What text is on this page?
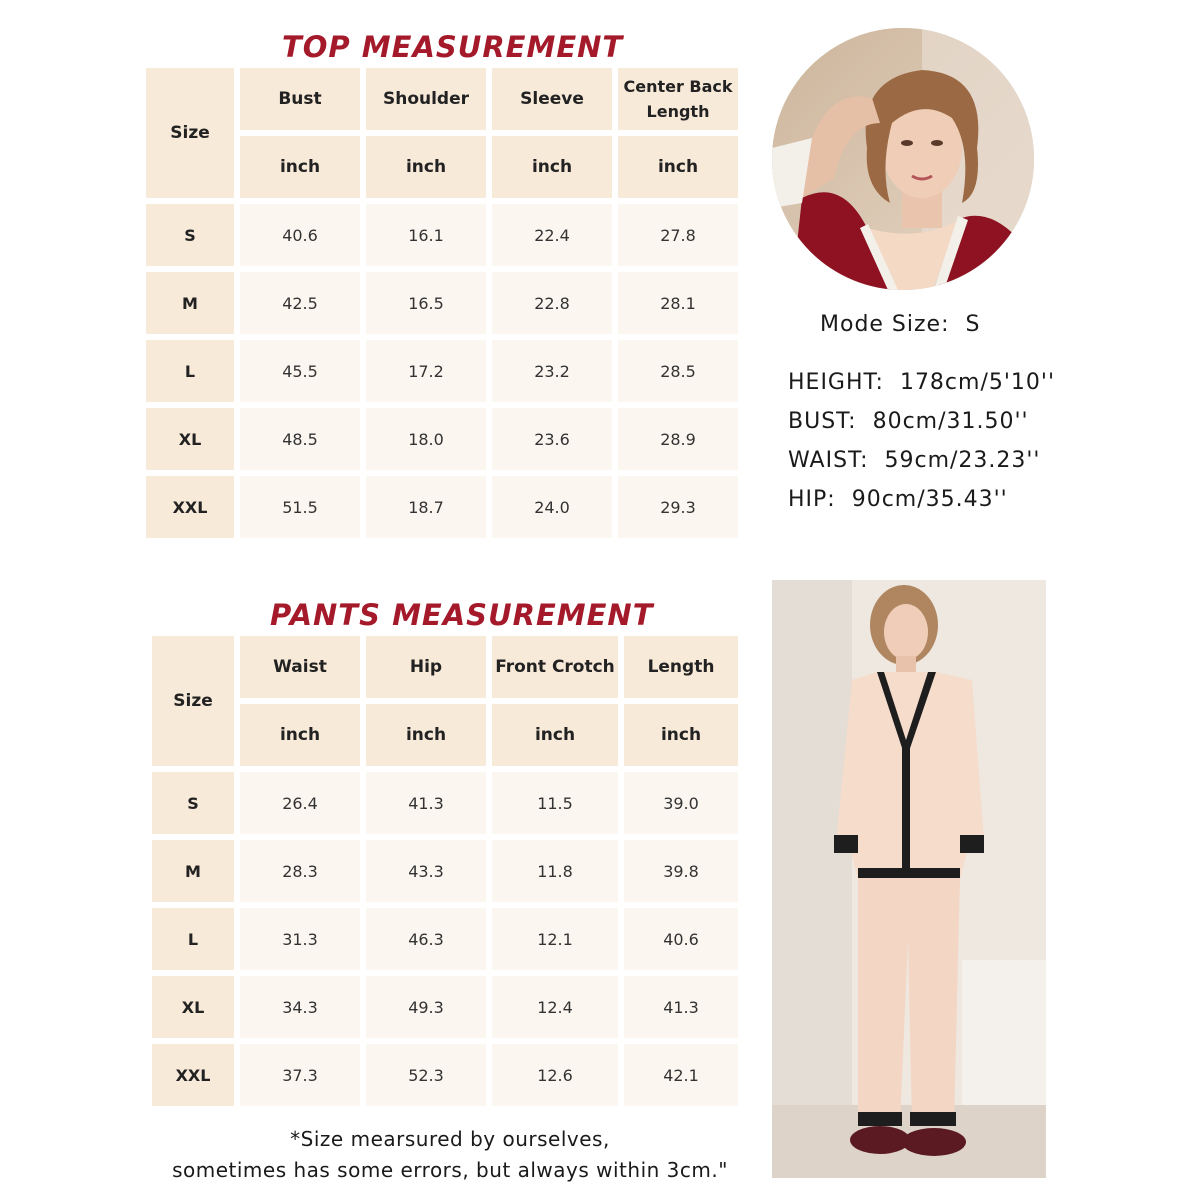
TOP MEASUREMENT
Size	Bust	Shoulder	Sleeve	Center Back Length
	inch	inch	inch	inch
S	40.6	16.1	22.4	27.8
M	42.5	16.5	22.8	28.1
L	45.5	17.2	23.2	28.5
XL	48.5	18.0	23.6	28.9
XXL	51.5	18.7	24.0	29.3
PANTS MEASUREMENT
Size	Waist	Hip	Front Crotch	Length
	inch	inch	inch	inch
S	26.4	41.3	11.5	39.0
M	28.3	43.3	11.8	39.8
L	31.3	46.3	12.1	40.6
XL	34.3	49.3	12.4	41.3
XXL	37.3	52.3	12.6	42.1
Mode Size:  S
HEIGHT:  178cm/5'10''
BUST:  80cm/31.50''
WAIST:  59cm/23.23''
HIP:  90cm/35.43''
*Size mearsured by ourselves,
sometimes has some errors, but always within 3cm."
